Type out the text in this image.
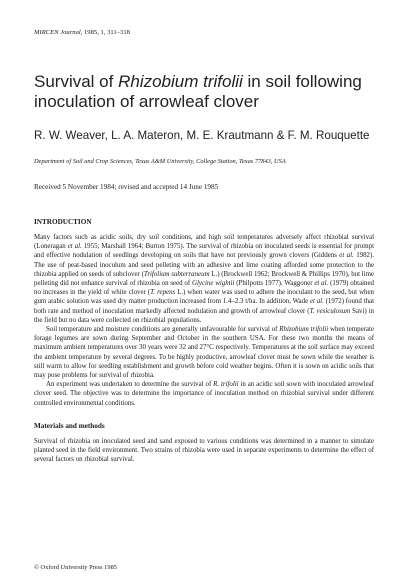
MIRCEN Journal, 1985, 1, 311–318
Survival of Rhizobium trifolii in soil following inoculation of arrowleaf clover
R. W. Weaver, L. A. Materon, M. E. Krautmann & F. M. Rouquette
Department of Soil and Crop Sciences, Texas A&M University, College Station, Texas 77843, USA
Received 5 November 1984; revised and accepted 14 June 1985
INTRODUCTION

Many factors such as acidic soils, dry soil conditions, and high soil temperatures adversely affect rhizobial survival (Loneragan et al. 1955; Marshall 1964; Burton 1975). The survival of rhizobia on inoculated seeds is essential for prompt and effective nodulation of seedlings developing on soils that have not previously grown clovers (Giddens et al. 1982). The use of peat-based inoculum and seed pelleting with an adhesive and lime coating afforded some protection to the rhizobia applied on seeds of subclover (Trifolium subterraneum L.) (Brockwell 1962; Brockwell & Phillips 1970), but lime pelleting did not enhance survival of rhizobia on seed of Glycine wightii (Philpotts 1977). Waggoner et al. (1979) obtained no increases in the yield of white clover (T. repens L.) when water was used to adhere the inoculant to the seed, but when gum arabic solution was used dry matter production increased from 1.4–2.3 t/ha. In addition, Wade et al. (1972) found that both rate and method of inoculation markedly affected nodulation and growth of arrowleaf clover (T. vesiculosum Savi) in the field but no data were collected on rhizobial populations.

Soil temperature and moisture conditions are generally unfavourable for survival of Rhizobium trifolii when temperate forage legumes are sown during September and October in the southern USA. For these two months the means of maximum ambient temperatures over 30 years were 32 and 27°C respectively. Temperatures at the soil surface may exceed the ambient temperature by several degrees. To be highly productive, arrowleaf clover must be sown while the weather is still warm to allow for seedling establishment and growth before cold weather begins. Often it is sown on acidic soils that may pose problems for survival of rhizobia.

An experiment was undertaken to determine the survival of R. trifolii in an acidic soil sown with inoculated arrowleaf clover seed. The objective was to determine the importance of inoculation method on rhizobial survival under different controlled environmental conditions.

Materials and methods

Survival of rhizobia on inoculated seed and sand exposed to various conditions was determined in a manner to simulate planted seed in the field environment. Two strains of rhizobia were used in separate experiments to determine the effect of several factors on rhizobial survival.

© Oxford University Press 1985
